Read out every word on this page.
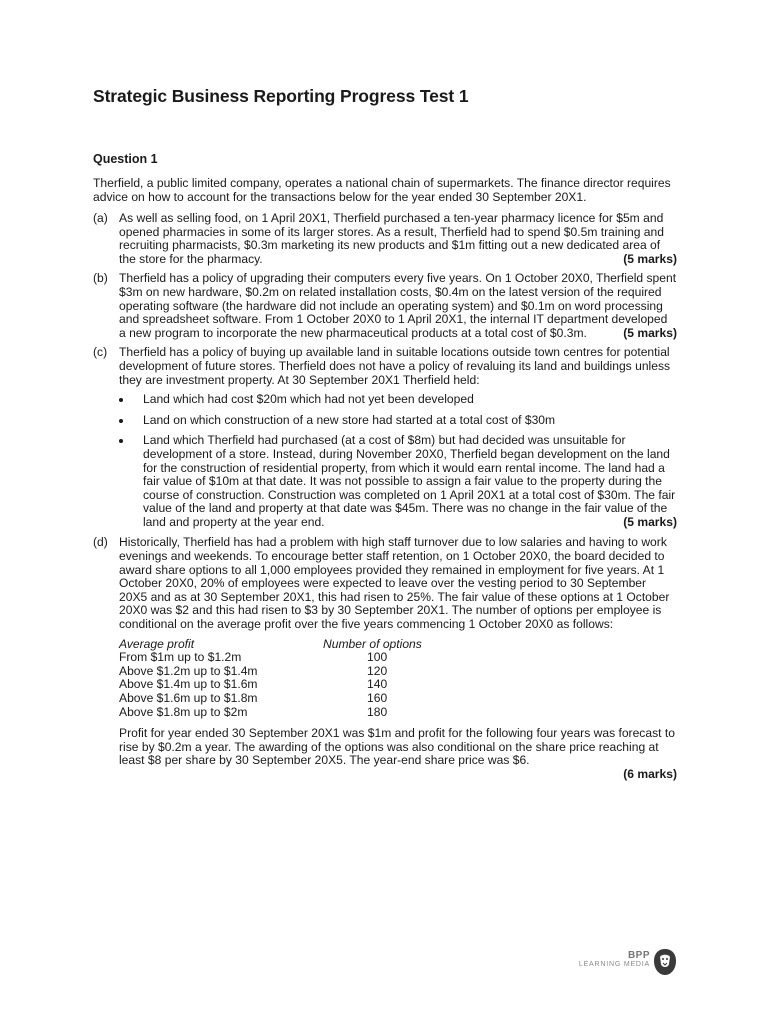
Strategic Business Reporting Progress Test 1
Question 1
Therfield, a public limited company, operates a national chain of supermarkets. The finance director requires advice on how to account for the transactions below for the year ended 30 September 20X1.
(a) As well as selling food, on 1 April 20X1, Therfield purchased a ten-year pharmacy licence for $5m and opened pharmacies in some of its larger stores. As a result, Therfield had to spend $0.5m training and recruiting pharmacists, $0.3m marketing its new products and $1m fitting out a new dedicated area of the store for the pharmacy.	(5 marks)
(b) Therfield has a policy of upgrading their computers every five years. On 1 October 20X0, Therfield spent $3m on new hardware, $0.2m on related installation costs, $0.4m on the latest version of the required operating software (the hardware did not include an operating system) and $0.1m on word processing and spreadsheet software. From 1 October 20X0 to 1 April 20X1, the internal IT department developed a new program to incorporate the new pharmaceutical products at a total cost of $0.3m.	(5 marks)
(c) Therfield has a policy of buying up available land in suitable locations outside town centres for potential development of future stores. Therfield does not have a policy of revaluing its land and buildings unless they are investment property. At 30 September 20X1 Therfield held:
Land which had cost $20m which had not yet been developed
Land on which construction of a new store had started at a total cost of $30m
Land which Therfield had purchased (at a cost of $8m) but had decided was unsuitable for development of a store. Instead, during November 20X0, Therfield began development on the land for the construction of residential property, from which it would earn rental income. The land had a fair value of $10m at that date. It was not possible to assign a fair value to the property during the course of construction. Construction was completed on 1 April 20X1 at a total cost of $30m. The fair value of the land and property at that date was $45m. There was no change in the fair value of the land and property at the year end.	(5 marks)
(d) Historically, Therfield has had a problem with high staff turnover due to low salaries and having to work evenings and weekends. To encourage better staff retention, on 1 October 20X0, the board decided to award share options to all 1,000 employees provided they remained in employment for five years. At 1 October 20X0, 20% of employees were expected to leave over the vesting period to 30 September 20X5 and as at 30 September 20X1, this had risen to 25%. The fair value of these options at 1 October 20X0 was $2 and this had risen to $3 by 30 September 20X1. The number of options per employee is conditional on the average profit over the five years commencing 1 October 20X0 as follows:
Average profit	Number of options
From $1m up to $1.2m	100
Above $1.2m up to $1.4m	120
Above $1.4m up to $1.6m	140
Above $1.6m up to $1.8m	160
Above $1.8m up to $2m	180
Profit for year ended 30 September 20X1 was $1m and profit for the following four years was forecast to rise by $0.2m a year. The awarding of the options was also conditional on the share price reaching at least $8 per share by 30 September 20X5. The year-end share price was $6.
(6 marks)
BPP
LEARNING MEDIA
